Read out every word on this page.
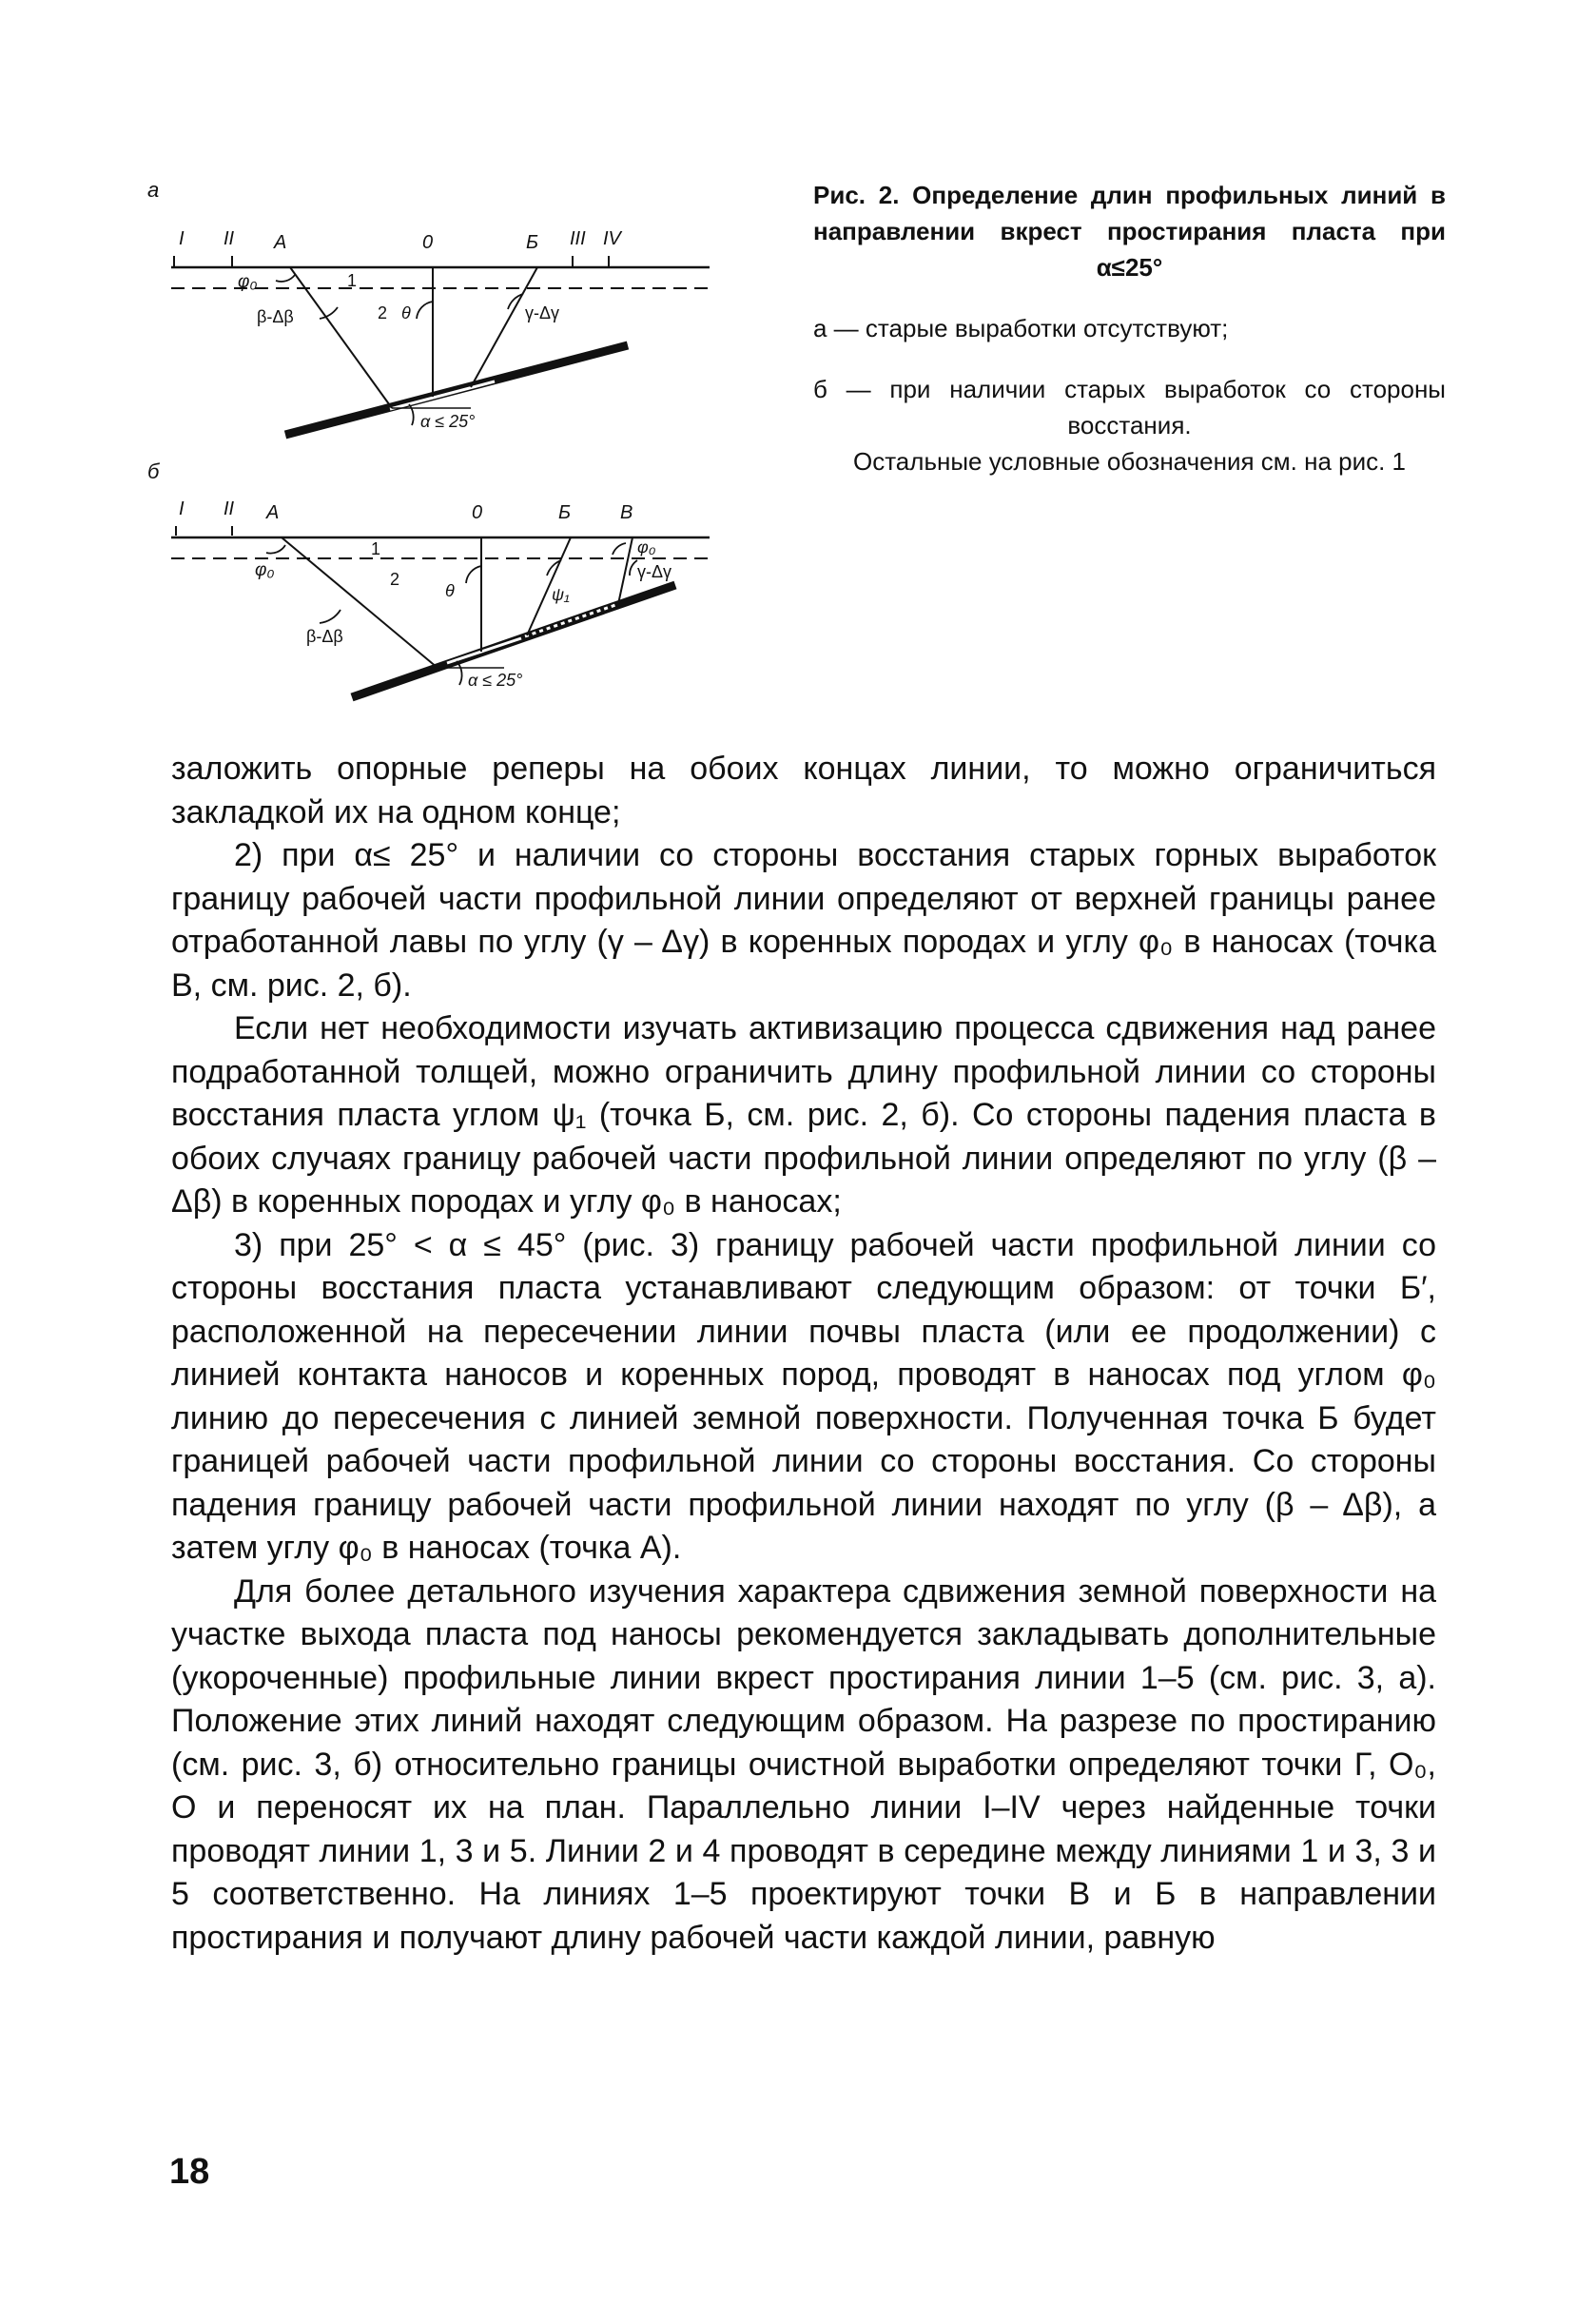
а
I II А	0	Б III IV
φ₀	1
2
β-Δβ	θ	γ-Δγ
α ≤ 25°
б
I II А	0	Б	В
φ₀
1
2
θ	ψ₁
φ₀
γ-Δγ
β-Δβ
α ≤ 25°

Рис. 2. Определение длин профильных линий в направлении вкрест простирания пласта при α≤25°

а — старые выработки отсутствуют;

б — при наличии старых выработок со стороны восстания.

Остальные условные обозначения см. на рис. 1

заложить опорные реперы на обоих концах линии, то можно ограничиться закладкой их на одном конце;

2) при α≤ 25° и наличии со стороны восстания старых горных выработок границу рабочей части профильной линии определяют от верхней границы ранее отработанной лавы по углу (γ – Δγ) в коренных породах и углу φ₀ в наносах (точка В, см. рис. 2, б).

Если нет необходимости изучать активизацию процесса сдвижения над ранее подработанной толщей, можно ограничить длину профильной линии со стороны восстания пласта углом ψ₁ (точка Б, см. рис. 2, б). Со стороны падения пласта в обоих случаях границу рабочей части профильной линии определяют по углу (β – Δβ) в коренных породах и углу φ₀ в наносах;

3) при 25° < α ≤ 45° (рис. 3) границу рабочей части профильной линии со стороны восстания пласта устанавливают следующим образом: от точки Б′, расположенной на пересечении линии почвы пласта (или ее продолжении) с линией контакта наносов и коренных пород, проводят в наносах под углом φ₀ линию до пересечения с линией земной поверхности. Полученная точка Б будет границей рабочей части профильной линии со стороны восстания. Со стороны падения границу рабочей части профильной линии находят по углу (β – Δβ), а затем углу φ₀ в наносах (точка А).

Для более детального изучения характера сдвижения земной поверхности на участке выхода пласта под наносы рекомендуется закладывать дополнительные (укороченные) профильные линии вкрест простирания линии 1–5 (см. рис. 3, а). Положение этих линий находят следующим образом. На разрезе по простиранию (см. рис. 3, б) относительно границы очистной выработки определяют точки Г, О₀, О и переносят их на план. Параллельно линии I–IV через найденные точки проводят линии 1, 3 и 5. Линии 2 и 4 проводят в середине между линиями 1 и 3, 3 и 5 соответственно. На линиях 1–5 проектируют точки В и Б в направлении простирания и получают длину рабочей части каждой линии, равную

18
